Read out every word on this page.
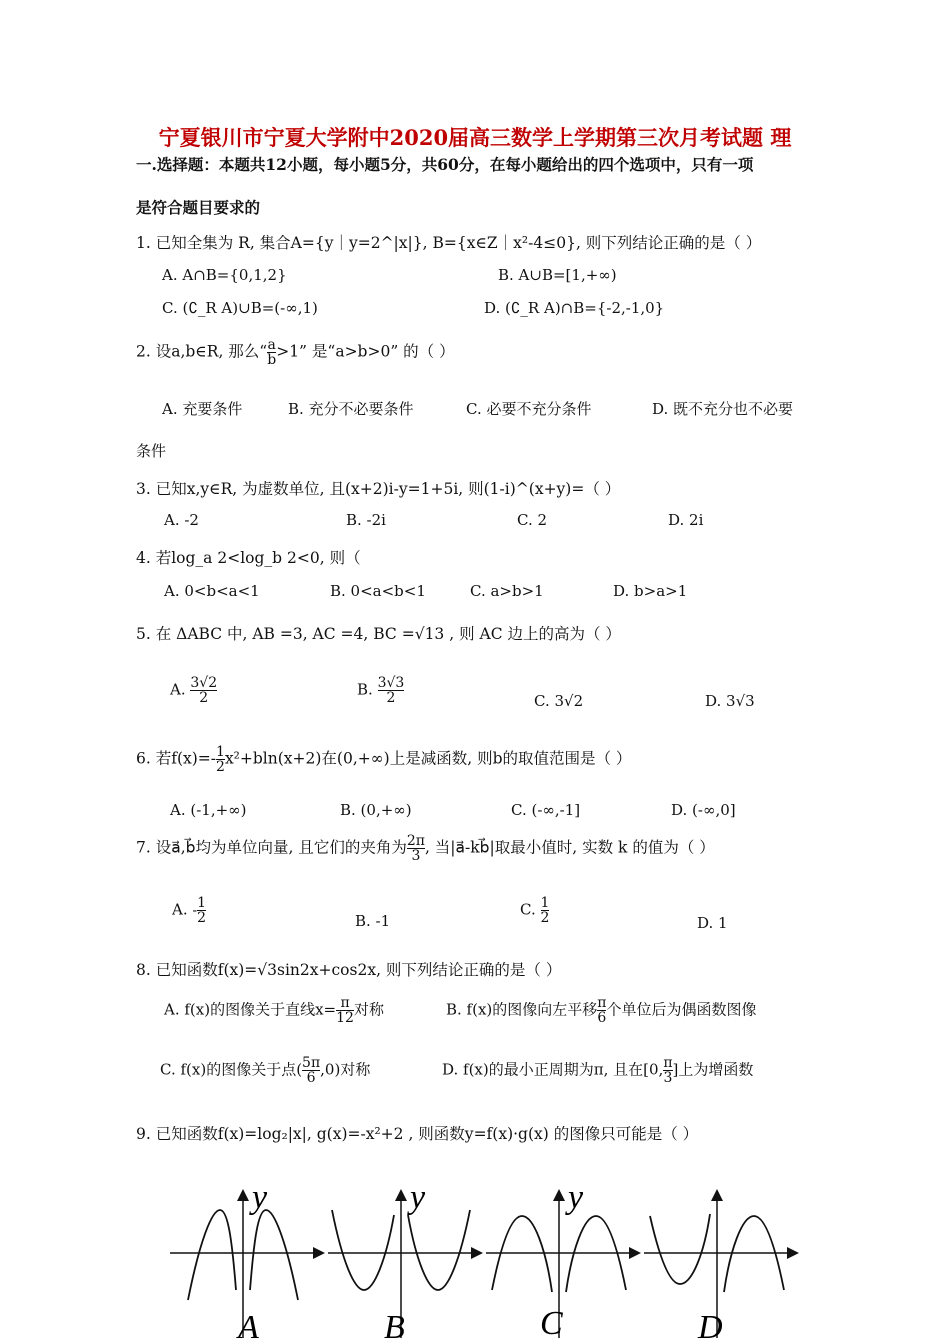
宁夏银川市宁夏大学附中2020届高三数学上学期第三次月考试题 理
一.选择题：本题共12小题，每小题5分，共60分，在每小题给出的四个选项中，只有一项
是符合题目要求的
1. 已知全集为 R, 集合A={y｜y=2^|x|}, B={x∈Z｜x²-4≤0}, 则下列结论正确的是（ ）
A. A∩B={0,1,2}	B. A∪B=[1,+∞)
C. (∁_R A)∪B=(-∞,1)	D. (∁_R A)∩B={-2,-1,0}
2. 设a,b∈R, 那么“ $\frac{a}{b} >1$” 是“a>b>0” 的（ ）
A. 充要条件	B. 充分不必要条件	C. 必要不充分条件	D. 既不充分也不必要
条件
3. 已知x,y∈R, 为虚数单位, 且(x+2)i-y=1+5i, 则(1-i)^(x+y)=（ ）
A. -2	B. -2i	C. 2	D. 2i
4. 若log_a 2<log_b 2<0, 则（
A. 0<b<a<1	B. 0<a<b<1	C. a>b>1	D. b>a>1
5. 在 ΔABC 中, AB =3, AC =4, BC =√13 , 则 AC 边上的高为（ ）
A. $\frac{3√2}{2}$	B. $\frac{3√3}{2}$	C. 3√2	D. 3√3
6. 若$f(x)=- \frac{1}{2} x^2+bln(x+2)$在(0,+∞)上是减函数, 则b的取值范围是（ ）
A. (-1,+∞)	B. (0,+∞)	C. (-∞,-1]	D. (-∞,0]
7. 设a⃗,b⃗均为单位向量, 且它们的夹角为 $\frac{2\pi}{3}$ , 当|a⃗-kb⃗|取最小值时, 实数 k 的值为（ ）
A. - $\frac{1}{2}$	B. -1
C. $\frac{1}{2}$	D. 1
8. 已知函数f(x)=√3sin2x+cos2x, 则下列结论正确的是（ ）
A. f(x)的图像关于直线$x= \frac{\pi}{12}$ 对称	B. f(x)的图像向左平移 $\frac{\pi}{6}$ 个单位后为偶函数图像
C. f(x)的图像关于点( $\frac{5\pi}{6} ,0$)对称	D. f(x)的最小正周期为π, 且在[0, $\frac{\pi}{3}$ ]上为增函数
9. 已知函数f(x)=log₂|x|, g(x)=-x²+2 , 则函数y=f(x)·g(x) 的图像只可能是（ ）
y
A
y
B
y
C	D
